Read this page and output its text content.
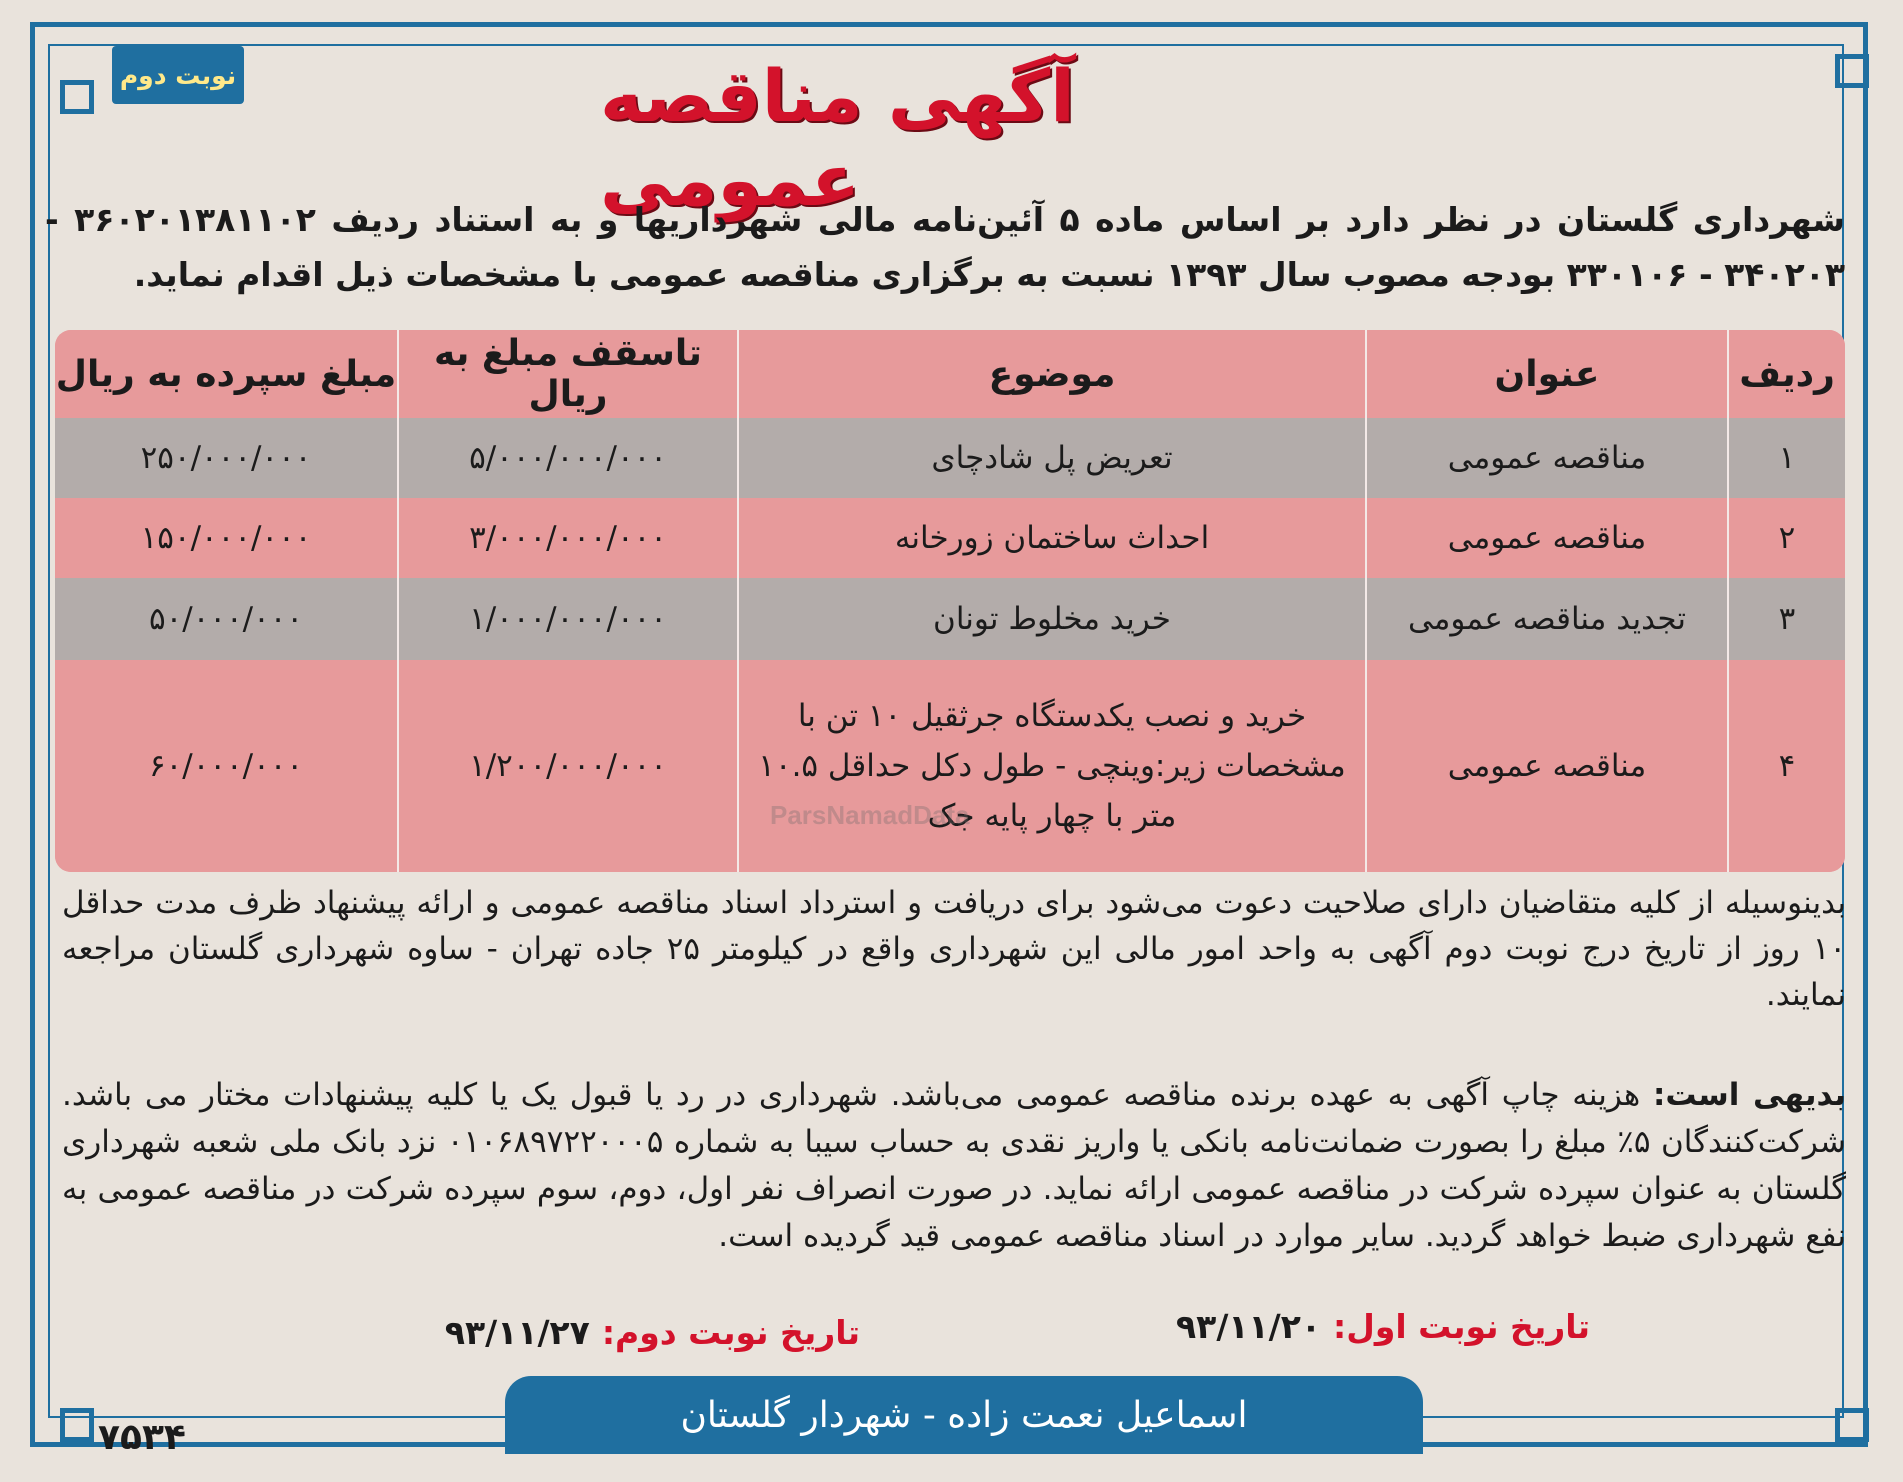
نوبت دوم	آگهی مناقصه عمومی
شهرداری گلستان در نظر دارد بر اساس ماده ۵ آئین‌نامه مالی شهرداریها و به استناد ردیف ۳۶۰۲۰۱۳۸۱۱۰۲ - ۳۴۰۲۰۳ - ۳۳۰۱۰۶ بودجه مصوب سال ۱۳۹۳ نسبت به برگزاری مناقصه عمومی با مشخصات ذیل اقدام نماید.
ردیف
عنوان
موضوع
تاسقف مبلغ به ریال
مبلغ سپرده به ریال
۱
مناقصه عمومی
تعریض پل شادچای
۵/۰۰۰/۰۰۰/۰۰۰
۲۵۰/۰۰۰/۰۰۰
۲
مناقصه عمومی
احداث ساختمان زورخانه
۳/۰۰۰/۰۰۰/۰۰۰
۱۵۰/۰۰۰/۰۰۰
۳
تجدید مناقصه عمومی
خرید مخلوط تونان
۱/۰۰۰/۰۰۰/۰۰۰
۵۰/۰۰۰/۰۰۰
۴
مناقصه عمومی
خرید و نصب یکدستگاه جرثقیل ۱۰ تن با مشخصات زیر:وینچی - طول دکل حداقل ۱۰.۵ متر با چهار پایه جک
۱/۲۰۰/۰۰۰/۰۰۰
۶۰/۰۰۰/۰۰۰
ParsNamadData
بدینوسیله از کلیه متقاضیان دارای صلاحیت دعوت می‌شود برای دریافت و استرداد اسناد مناقصه عمومی و ارائه پیشنهاد ظرف مدت حداقل ۱۰ روز از تاریخ درج نوبت دوم آگهی به واحد امور مالی این شهرداری واقع در کیلومتر ۲۵ جاده تهران - ساوه شهرداری گلستان مراجعه نمایند.
بدیهی است: هزینه چاپ آگهی به عهده برنده مناقصه عمومی می‌باشد. شهرداری در رد یا قبول یک یا کلیه پیشنهادات مختار می باشد. شرکت‌کنندگان ۵٪ مبلغ را بصورت ضمانت‌نامه بانکی یا واریز نقدی به حساب سیبا به شماره ۰۱۰۶۸۹۷۲۲۰۰۰۵ نزد بانک ملی شعبه شهرداری گلستان به عنوان سپرده شرکت در مناقصه عمومی ارائه نماید. در صورت انصراف نفر اول، دوم، سوم سپرده شرکت در مناقصه عمومی به نفع شهرداری ضبط خواهد گردید. سایر موارد در اسناد مناقصه عمومی قید گردیده است.
تاریخ نوبت اول:
۹۳/۱۱/۲۰
تاریخ نوبت دوم:
۹۳/۱۱/۲۷
اسماعیل نعمت زاده - شهردار گلستان
۷۵۳۴
